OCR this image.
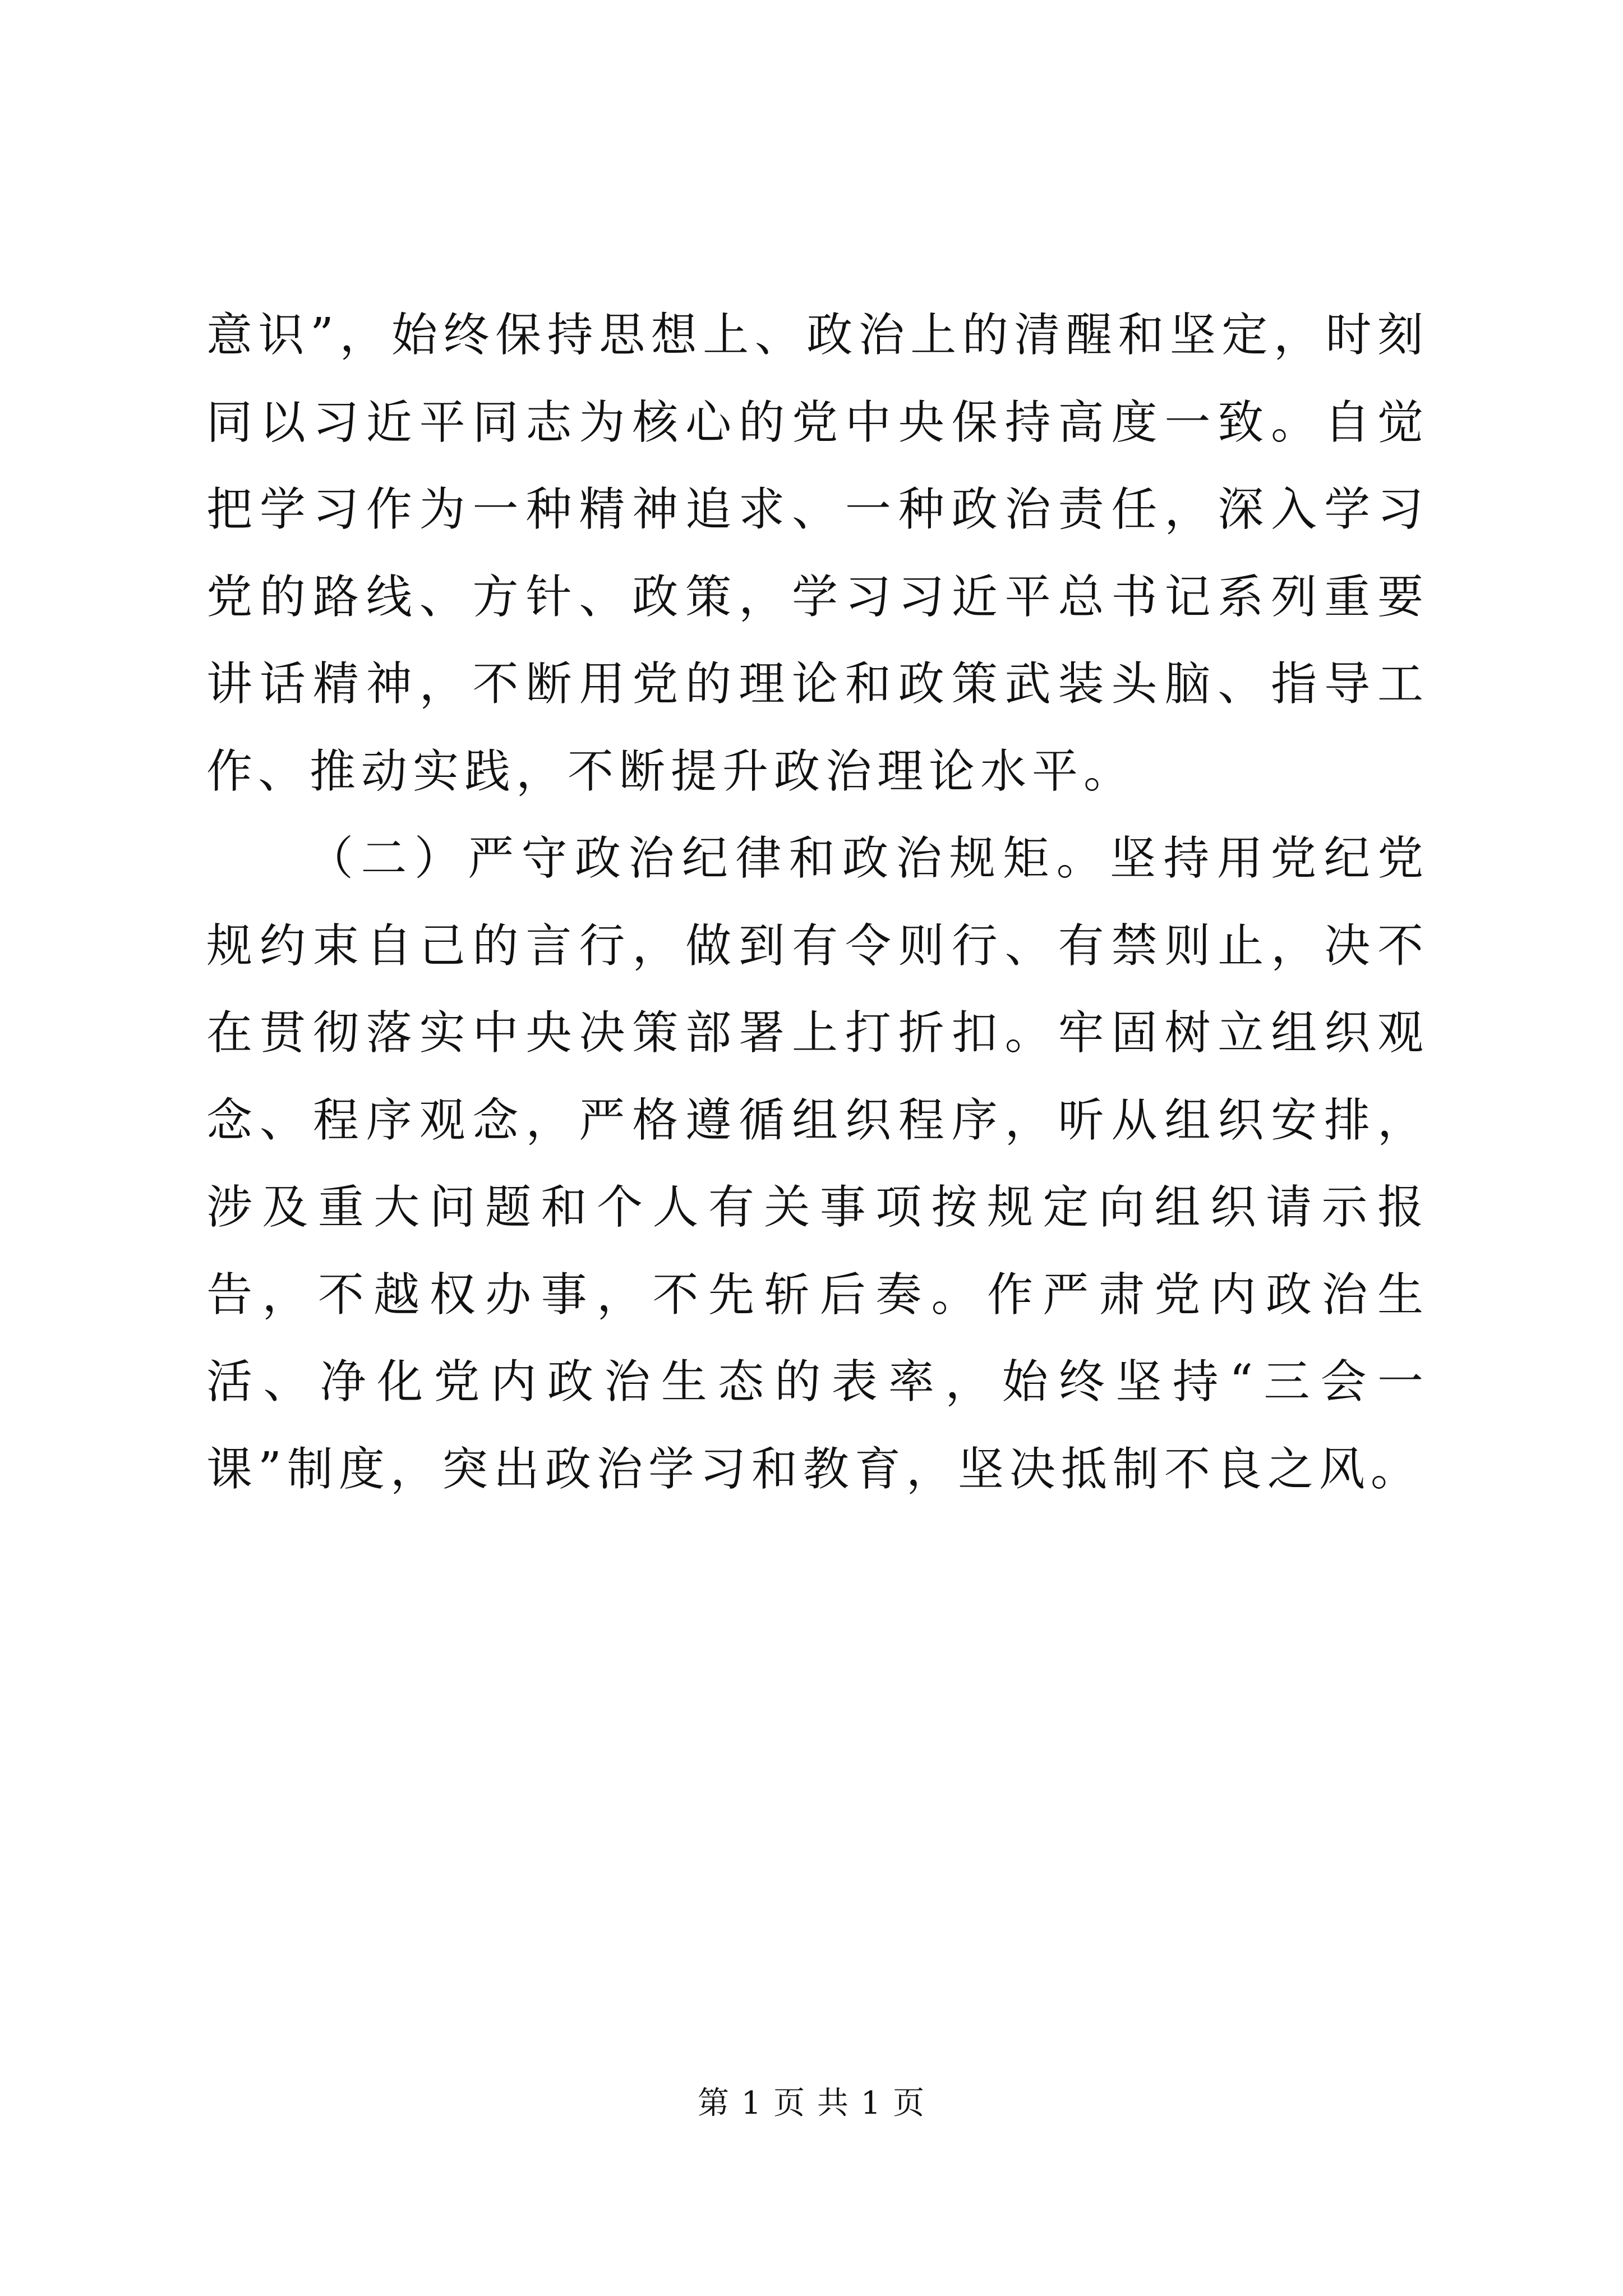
意识”，始终保持思想上、政治上的清醒和坚定，时刻同以习近平同志为核心的党中央保持高度一致。自觉把学习作为一种精神追求、一种政治责任，深入学习党的路线、方针、政策，学习习近平总书记系列重要讲话精神，不断用党的理论和政策武装头脑、指导工作、推动实践，不断提升政治理论水平。

（二）严守政治纪律和政治规矩。坚持用党纪党规约束自己的言行，做到有令则行、有禁则止，决不在贯彻落实中央决策部署上打折扣。牢固树立组织观念、程序观念，严格遵循组织程序，听从组织安排，涉及重大问题和个人有关事项按规定向组织请示报告，不越权办事，不先斩后奏。作严肃党内政治生活、净化党内政治生态的表率，始终坚持“三会一课”制度，突出政治学习和教育，坚决抵制不良之风。

第 1 页 共 1 页
